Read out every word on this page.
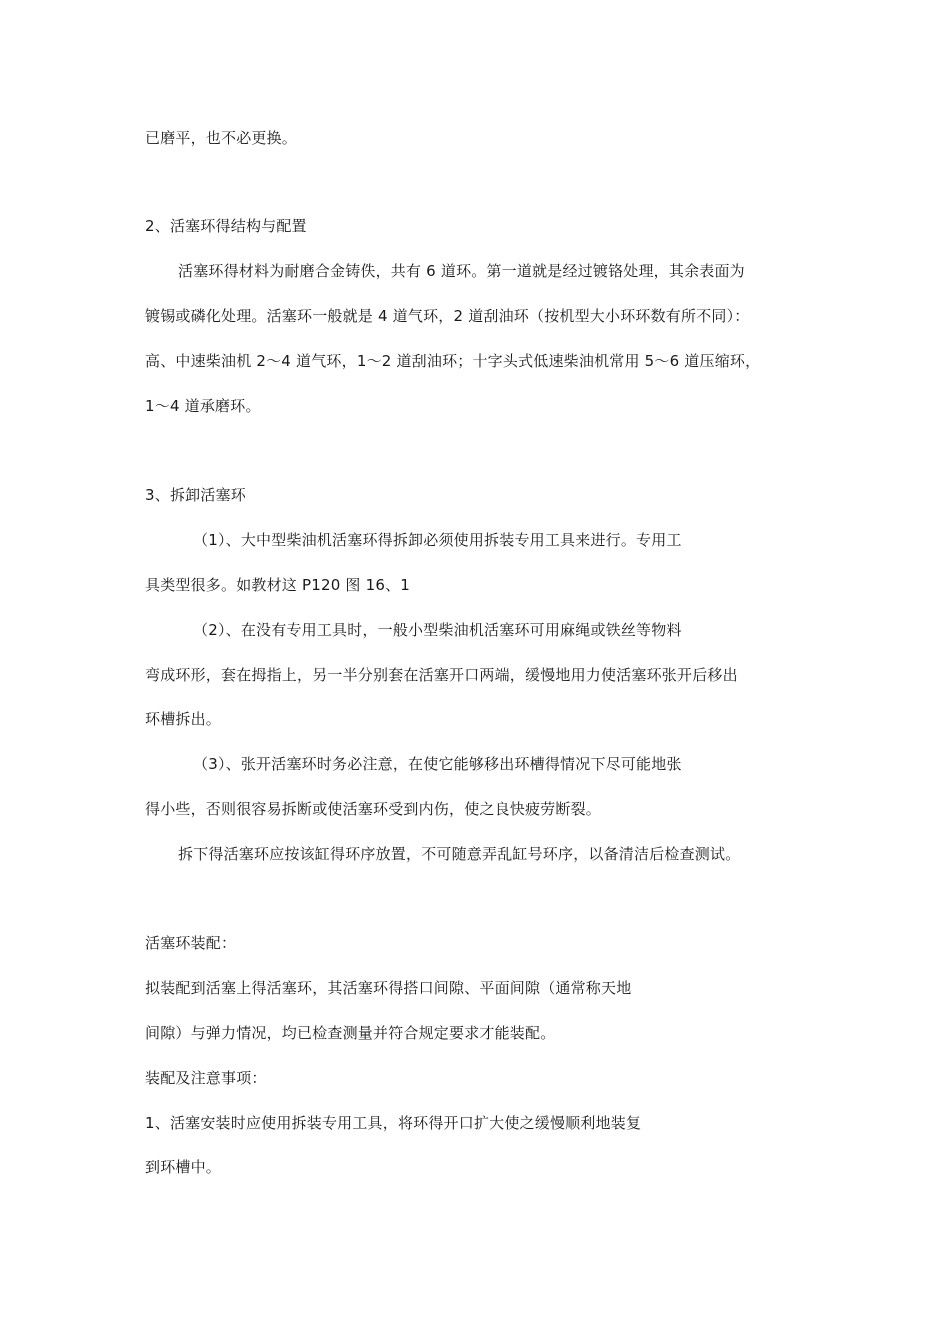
已磨平，也不必更换。
2、活塞环得结构与配置
活塞环得材料为耐磨合金铸佚，共有 6 道环。第一道就是经过镀铬处理，其余表面为
镀锡或磷化处理。活塞环一般就是 4 道气环，2 道刮油环（按机型大小环环数有所不同）：
高、中速柴油机 2～4 道气环，1～2 道刮油环；十字头式低速柴油机常用 5～6 道压缩环，
1～4 道承磨环。
3、拆卸活塞环
（1）、大中型柴油机活塞环得拆卸必须使用拆装专用工具来进行。专用工
具类型很多。如教材这 P120 图 16、1
（2）、在没有专用工具时，一般小型柴油机活塞环可用麻绳或铁丝等物料
弯成环形，套在拇指上，另一半分别套在活塞开口两端，缓慢地用力使活塞环张开后移出
环槽拆出。
（3）、张开活塞环时务必注意，在使它能够移出环槽得情况下尽可能地张
得小些，否则很容易拆断或使活塞环受到内伤，使之良快疲劳断裂。
拆下得活塞环应按该缸得环序放置，不可随意弄乱缸号环序，以备清洁后检查测试。
活塞环装配：
拟装配到活塞上得活塞环，其活塞环得搭口间隙、平面间隙（通常称天地
间隙）与弹力情况，均已检查测量并符合规定要求才能装配。
装配及注意事项：
1、活塞安装时应使用拆装专用工具，将环得开口扩大使之缓慢顺利地装复
到环槽中。
